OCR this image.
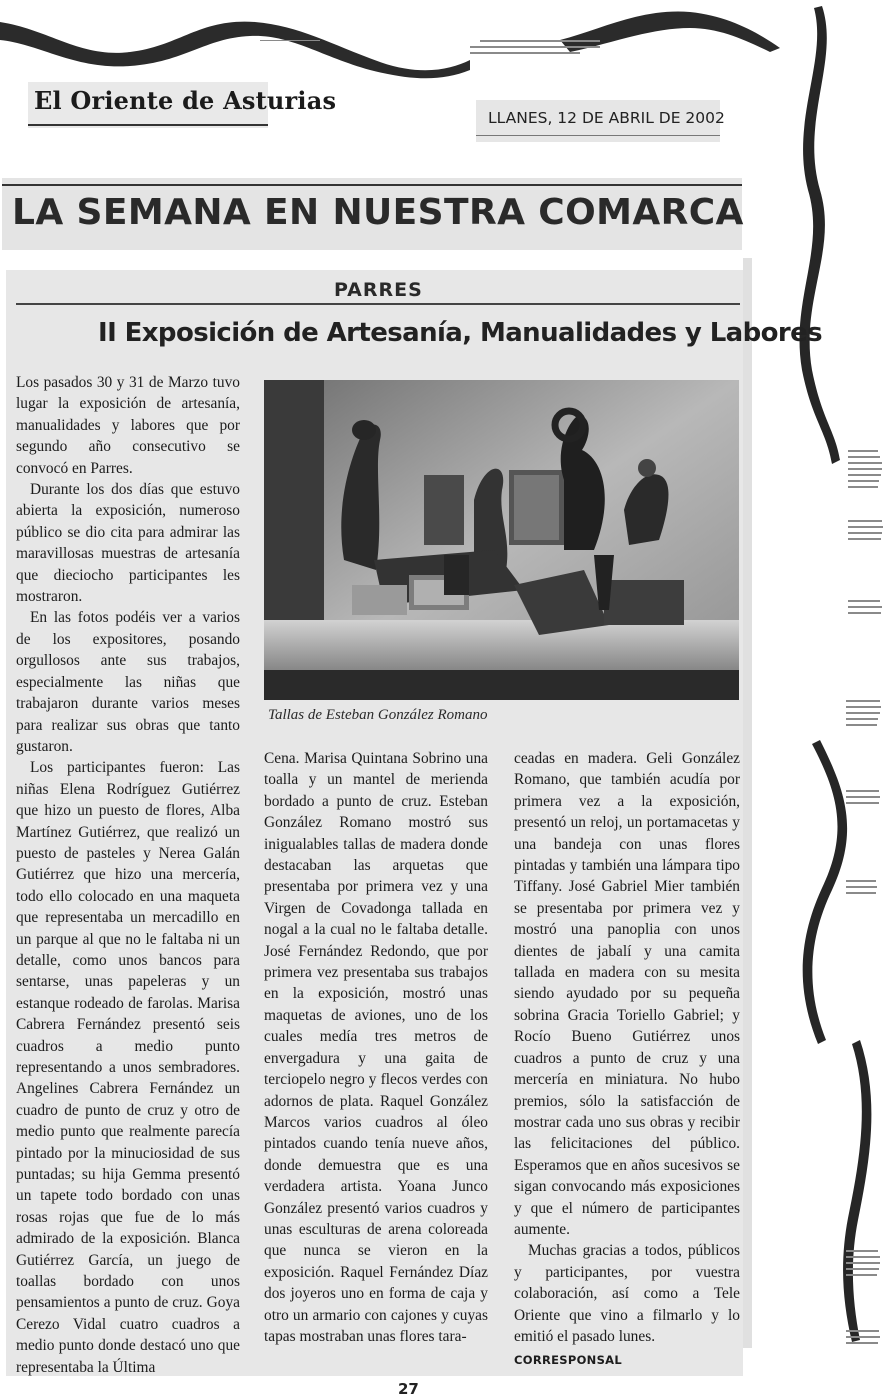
El Oriente de Asturias
LLANES, 12 DE ABRIL DE 2002
LA SEMANA EN NUESTRA COMARCA
PARRES
II Exposición de Artesanía, Manualidades y Labores
Tallas de Esteban González Romano

Los pasados 30 y 31 de Marzo tuvo lugar la exposición de artesanía, manualidades y labores que por segundo año consecutivo se convocó en Parres.

Durante los dos días que estuvo abierta la exposición, numeroso público se dio cita para admirar las maravillosas muestras de artesanía que dieciocho participantes les mostraron.

En las fotos podéis ver a varios de los expositores, posando orgullosos ante sus trabajos, especialmente las niñas que trabajaron durante varios meses para realizar sus obras que tanto gustaron.

Los participantes fueron: Las niñas Elena Rodríguez Gutiérrez que hizo un puesto de flores, Alba Martínez Gutiérrez, que realizó un puesto de pasteles y Nerea Galán Gutiérrez que hizo una mercería, todo ello colocado en una maqueta que representaba un mercadillo en un parque al que no le faltaba ni un detalle, como unos bancos para sentarse, unas papeleras y un estanque rodeado de farolas. Marisa Cabrera Fernández presentó seis cuadros a medio punto representando a unos sembradores. Angelines Cabrera Fernández un cuadro de punto de cruz y otro de medio punto que realmente parecía pintado por la minuciosidad de sus puntadas; su hija Gemma presentó un tapete todo bordado con unas rosas rojas que fue de lo más admirado de la exposición. Blanca Gutiérrez García, un juego de toallas bordado con unos pensamientos a punto de cruz. Goya Cerezo Vidal cuatro cuadros a medio punto donde destacó uno que representaba la Última

Cena. Marisa Quintana Sobrino una toalla y un mantel de merienda bordado a punto de cruz. Esteban González Romano mostró sus inigualables tallas de madera donde destacaban las arquetas que presentaba por primera vez y una Virgen de Covadonga tallada en nogal a la cual no le faltaba detalle. José Fernández Redondo, que por primera vez presentaba sus trabajos en la exposición, mostró unas maquetas de aviones, uno de los cuales medía tres metros de envergadura y una gaita de terciopelo negro y flecos verdes con adornos de plata. Raquel González Marcos varios cuadros al óleo pintados cuando tenía nueve años, donde demuestra que es una verdadera artista. Yoana Junco González presentó varios cuadros y unas esculturas de arena coloreada que nunca se vieron en la exposición. Raquel Fernández Díaz dos joyeros uno en forma de caja y otro un armario con cajones y cuyas tapas mostraban unas flores tara-

ceadas en madera. Geli González Romano, que también acudía por primera vez a la exposición, presentó un reloj, un portamacetas y una bandeja con unas flores pintadas y también una lámpara tipo Tiffany. José Gabriel Mier también se presentaba por primera vez y mostró una panoplia con unos dientes de jabalí y una camita tallada en madera con su mesita siendo ayudado por su pequeña sobrina Gracia Toriello Gabriel; y Rocío Bueno Gutiérrez unos cuadros a punto de cruz y una mercería en miniatura. No hubo premios, sólo la satisfacción de mostrar cada uno sus obras y recibir las felicitaciones del público. Esperamos que en años sucesivos se sigan convocando más exposiciones y que el número de participantes aumente.

Muchas gracias a todos, públicos y participantes, por vuestra colaboración, así como a Tele Oriente que vino a filmarlo y lo emitió el pasado lunes.

CORRESPONSAL
27
